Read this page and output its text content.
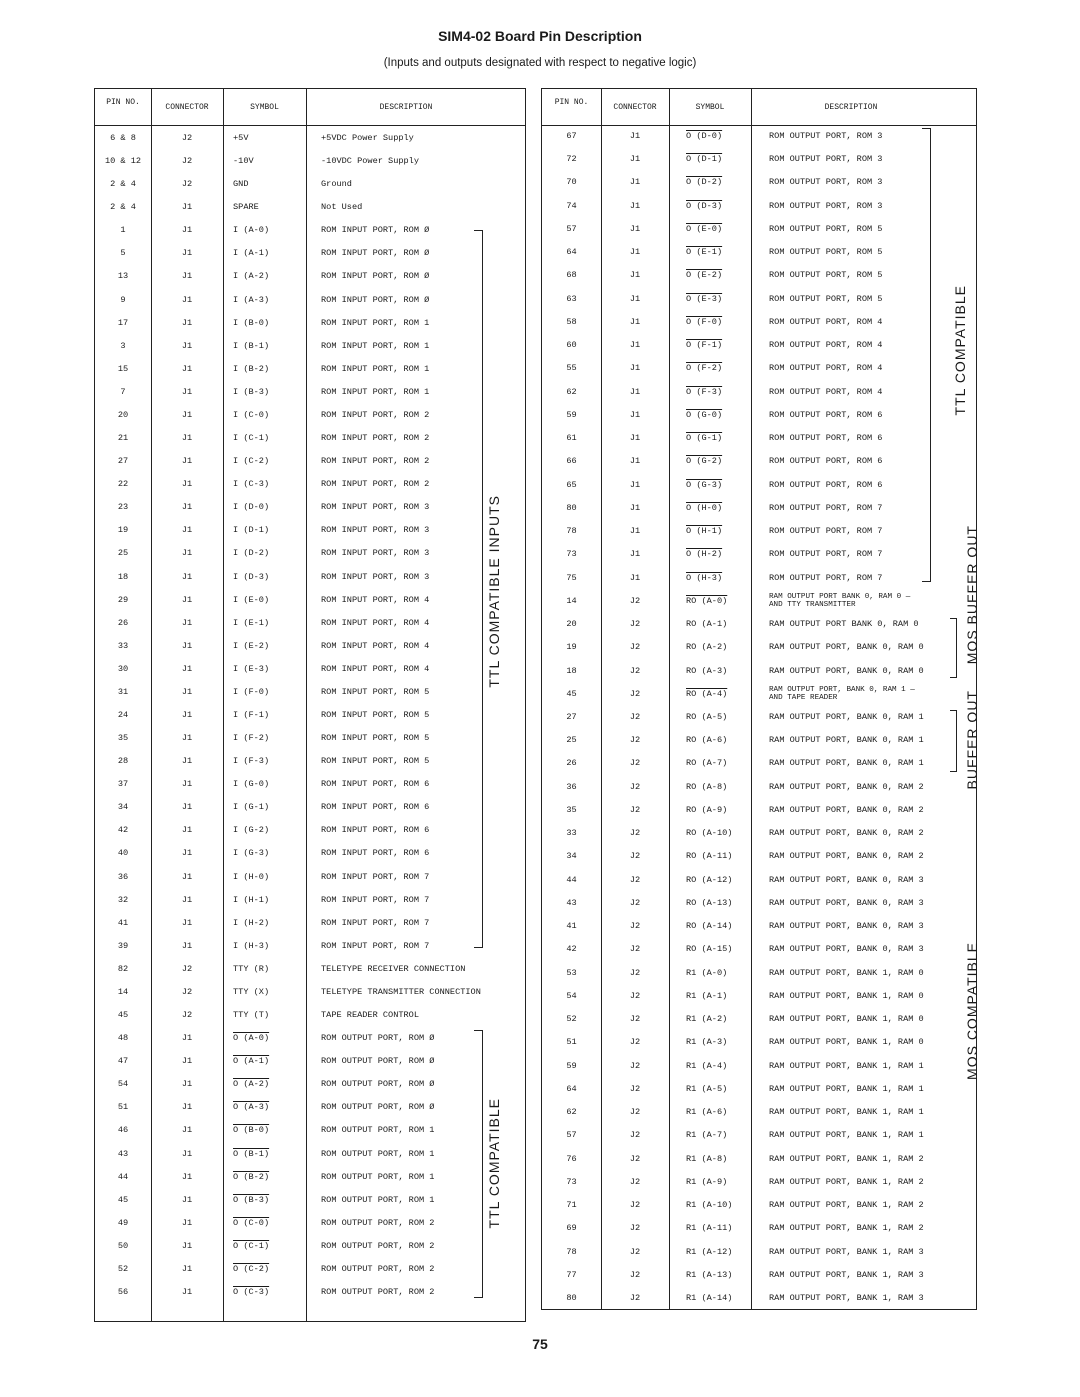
SIM4-02 Board Pin Description
(Inputs and outputs designated with respect to negative logic)
PIN NO.
CONNECTOR	SYMBOL	DESCRIPTION
6 & 8	J2	+5V	+5VDC Power Supply
10 & 12	J2	-10V	-10VDC Power Supply
2 & 4	J2	GND	Ground
2 & 4	J1	SPARE	Not Used
1	J1	I (A-0)	ROM INPUT PORT, ROM Ø
5	J1	I (A-1)	ROM INPUT PORT, ROM Ø
13	J1	I (A-2)	ROM INPUT PORT, ROM Ø
9	J1	I (A-3)	ROM INPUT PORT, ROM Ø
17	J1	I (B-0)	ROM INPUT PORT, ROM 1
3	J1	I (B-1)	ROM INPUT PORT, ROM 1
15	J1	I (B-2)	ROM INPUT PORT, ROM 1
7	J1	I (B-3)	ROM INPUT PORT, ROM 1
20	J1	I (C-0)	ROM INPUT PORT, ROM 2
21	J1	I (C-1)	ROM INPUT PORT, ROM 2
27	J1	I (C-2)	ROM INPUT PORT, ROM 2
22	J1	I (C-3)	ROM INPUT PORT, ROM 2
23	J1	I (D-0)	ROM INPUT PORT, ROM 3
19	J1	I (D-1)	ROM INPUT PORT, ROM 3
25	J1	I (D-2)	ROM INPUT PORT, ROM 3
18	J1	I (D-3)	ROM INPUT PORT, ROM 3
29	J1	I (E-0)	ROM INPUT PORT, ROM 4
26	J1	I (E-1)	ROM INPUT PORT, ROM 4
33	J1	I (E-2)	ROM INPUT PORT, ROM 4
30	J1	I (E-3)	ROM INPUT PORT, ROM 4
31	J1	I (F-0)	ROM INPUT PORT, ROM 5
24	J1	I (F-1)	ROM INPUT PORT, ROM 5
35	J1	I (F-2)	ROM INPUT PORT, ROM 5
28	J1	I (F-3)	ROM INPUT PORT, ROM 5
37	J1	I (G-0)	ROM INPUT PORT, ROM 6
34	J1	I (G-1)	ROM INPUT PORT, ROM 6
42	J1	I (G-2)	ROM INPUT PORT, ROM 6
40	J1	I (G-3)	ROM INPUT PORT, ROM 6
36	J1	I (H-0)	ROM INPUT PORT, ROM 7
32	J1	I (H-1)	ROM INPUT PORT, ROM 7
41	J1	I (H-2)	ROM INPUT PORT, ROM 7
39	J1	I (H-3)	ROM INPUT PORT, ROM 7
82	J2	TTY (R)	TELETYPE RECEIVER CONNECTION
14	J2	TTY (X)	TELETYPE TRANSMITTER CONNECTION
45	J2	TTY (T)	TAPE READER CONTROL
48	J1	O (A-0)	ROM OUTPUT PORT, ROM Ø
47	J1	O (A-1)	ROM OUTPUT PORT, ROM Ø
54	J1	O (A-2)	ROM OUTPUT PORT, ROM Ø
51	J1	O (A-3)	ROM OUTPUT PORT, ROM Ø
46	J1	O (B-0)	ROM OUTPUT PORT, ROM 1
43	J1	O (B-1)	ROM OUTPUT PORT, ROM 1
44	J1	O (B-2)	ROM OUTPUT PORT, ROM 1
45	J1	O (B-3)	ROM OUTPUT PORT, ROM 1
49	J1	O (C-0)	ROM OUTPUT PORT, ROM 2
50	J1	O (C-1)	ROM OUTPUT PORT, ROM 2
52	J1	O (C-2)	ROM OUTPUT PORT, ROM 2
56	J1	O (C-3)	ROM OUTPUT PORT, ROM 2
PIN NO.
CONNECTOR	SYMBOL	DESCRIPTION
67	J1	O (D-0)	ROM OUTPUT PORT, ROM 3
72	J1	O (D-1)	ROM OUTPUT PORT, ROM 3
70	J1	O (D-2)	ROM OUTPUT PORT, ROM 3
74	J1	O (D-3)	ROM OUTPUT PORT, ROM 3
57	J1	O (E-0)	ROM OUTPUT PORT, ROM 5
64	J1	O (E-1)	ROM OUTPUT PORT, ROM 5
68	J1	O (E-2)	ROM OUTPUT PORT, ROM 5
63	J1	O (E-3)	ROM OUTPUT PORT, ROM 5
58	J1	O (F-0)	ROM OUTPUT PORT, ROM 4
60	J1	O (F-1)	ROM OUTPUT PORT, ROM 4
55	J1	O (F-2)	ROM OUTPUT PORT, ROM 4
62	J1	O (F-3)	ROM OUTPUT PORT, ROM 4
59	J1	O (G-0)	ROM OUTPUT PORT, ROM 6
61	J1	O (G-1)	ROM OUTPUT PORT, ROM 6
66	J1	O (G-2)	ROM OUTPUT PORT, ROM 6
65	J1	O (G-3)	ROM OUTPUT PORT, ROM 6
80	J1	O (H-0)	ROM OUTPUT PORT, ROM 7
78	J1	O (H-1)	ROM OUTPUT PORT, ROM 7
73	J1	O (H-2)	ROM OUTPUT PORT, ROM 7
75	J1	O (H-3)	ROM OUTPUT PORT, ROM 7
14	J2	RO (A-0)	RAM OUTPUT PORT BANK 0, RAM 0 —
AND TTY TRANSMITTER
20	J2	RO (A-1)	RAM OUTPUT PORT BANK 0, RAM 0
19	J2	RO (A-2)	RAM OUTPUT PORT, BANK 0, RAM 0
18	J2	RO (A-3)	RAM OUTPUT PORT, BANK 0, RAM 0
45	J2	RO (A-4)	RAM OUTPUT PORT, BANK 0, RAM 1 —
AND TAPE READER
27	J2	RO (A-5)	RAM OUTPUT PORT, BANK 0, RAM 1
25	J2	RO (A-6)	RAM OUTPUT PORT, BANK 0, RAM 1
26	J2	RO (A-7)	RAM OUTPUT PORT, BANK 0, RAM 1
36	J2	RO (A-8)	RAM OUTPUT PORT, BANK 0, RAM 2
35	J2	RO (A-9)	RAM OUTPUT PORT, BANK 0, RAM 2
33	J2	RO (A-10)	RAM OUTPUT PORT, BANK 0, RAM 2
34	J2	RO (A-11)	RAM OUTPUT PORT, BANK 0, RAM 2
44	J2	RO (A-12)	RAM OUTPUT PORT, BANK 0, RAM 3
43	J2	RO (A-13)	RAM OUTPUT PORT, BANK 0, RAM 3
41	J2	RO (A-14)	RAM OUTPUT PORT, BANK 0, RAM 3
42	J2	RO (A-15)	RAM OUTPUT PORT, BANK 0, RAM 3
53	J2	R1 (A-0)	RAM OUTPUT PORT, BANK 1, RAM 0
54	J2	R1 (A-1)	RAM OUTPUT PORT, BANK 1, RAM 0
52	J2	R1 (A-2)	RAM OUTPUT PORT, BANK 1, RAM 0
51	J2	R1 (A-3)	RAM OUTPUT PORT, BANK 1, RAM 0
59	J2	R1 (A-4)	RAM OUTPUT PORT, BANK 1, RAM 1
64	J2	R1 (A-5)	RAM OUTPUT PORT, BANK 1, RAM 1
62	J2	R1 (A-6)	RAM OUTPUT PORT, BANK 1, RAM 1
57	J2	R1 (A-7)	RAM OUTPUT PORT, BANK 1, RAM 1
76	J2	R1 (A-8)	RAM OUTPUT PORT, BANK 1, RAM 2
73	J2	R1 (A-9)	RAM OUTPUT PORT, BANK 1, RAM 2
71	J2	R1 (A-10)	RAM OUTPUT PORT, BANK 1, RAM 2
69	J2	R1 (A-11)	RAM OUTPUT PORT, BANK 1, RAM 2
78	J2	R1 (A-12)	RAM OUTPUT PORT, BANK 1, RAM 3
77	J2	R1 (A-13)	RAM OUTPUT PORT, BANK 1, RAM 3
80	J2	R1 (A-14)	RAM OUTPUT PORT, BANK 1, RAM 3
TTL COMPATIBLE INPUTS
TTL COMPATIBLE
TTL COMPATIBLE
MOS BUFFER OUT
BUFFER OUT
MOS COMPATIBLE
75
